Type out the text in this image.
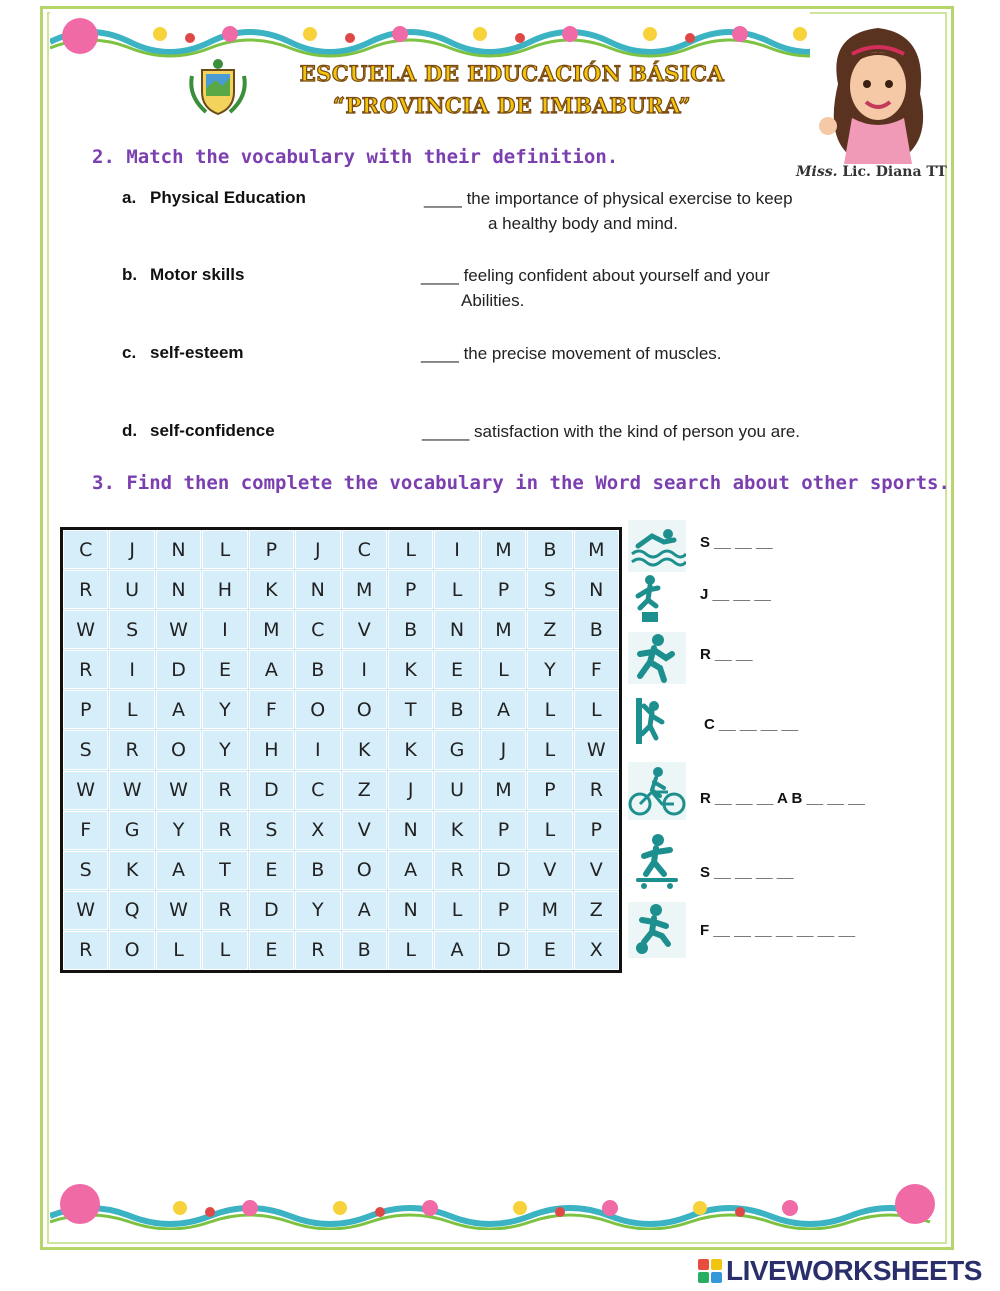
ESCUELA DE EDUCACIÓN BÁSICA
“PROVINCIA DE IMBABURA”
Miss. Lic. Diana TT
2. Match the vocabulary with their definition.
a. Physical Education	____ the importance of physical exercise to keep
a healthy body and mind.
b. Motor skills	____ feeling confident about yourself and your
Abilities.
c. self-esteem	____ the precise movement of muscles.
d. self-confidence	_____ satisfaction with the kind of person you are.
3. Find then complete the vocabulary in the Word search about other sports.
C	J	N	L	P	J	C	L	I	M	B	M
R	U	N	H	K	N	M	P	L	P	S	N
W	S	W	I	M	C	V	B	N	M	Z	B
R	I	D	E	A	B	I	K	E	L	Y	F
P	L	A	Y	F	O	O	T	B	A	L	L
S	R	O	Y	H	I	K	K	G	J	L	W
W	W	W	R	D	C	Z	J	U	M	P	R
F	G	Y	R	S	X	V	N	K	P	L	P
S	K	A	T	E	B	O	A	R	D	V	V
W	Q	W	R	D	Y	A	N	L	P	M	Z
R	O	L	L	E	R	B	L	A	D	E	X
S __ __ __
J __ __ __
R __ __
C __ __ __ __
R __ __ __ A B __ __ __
S __ __ __ __
F __ __ __ __ __ __ __
LIVEWORKSHEETS
